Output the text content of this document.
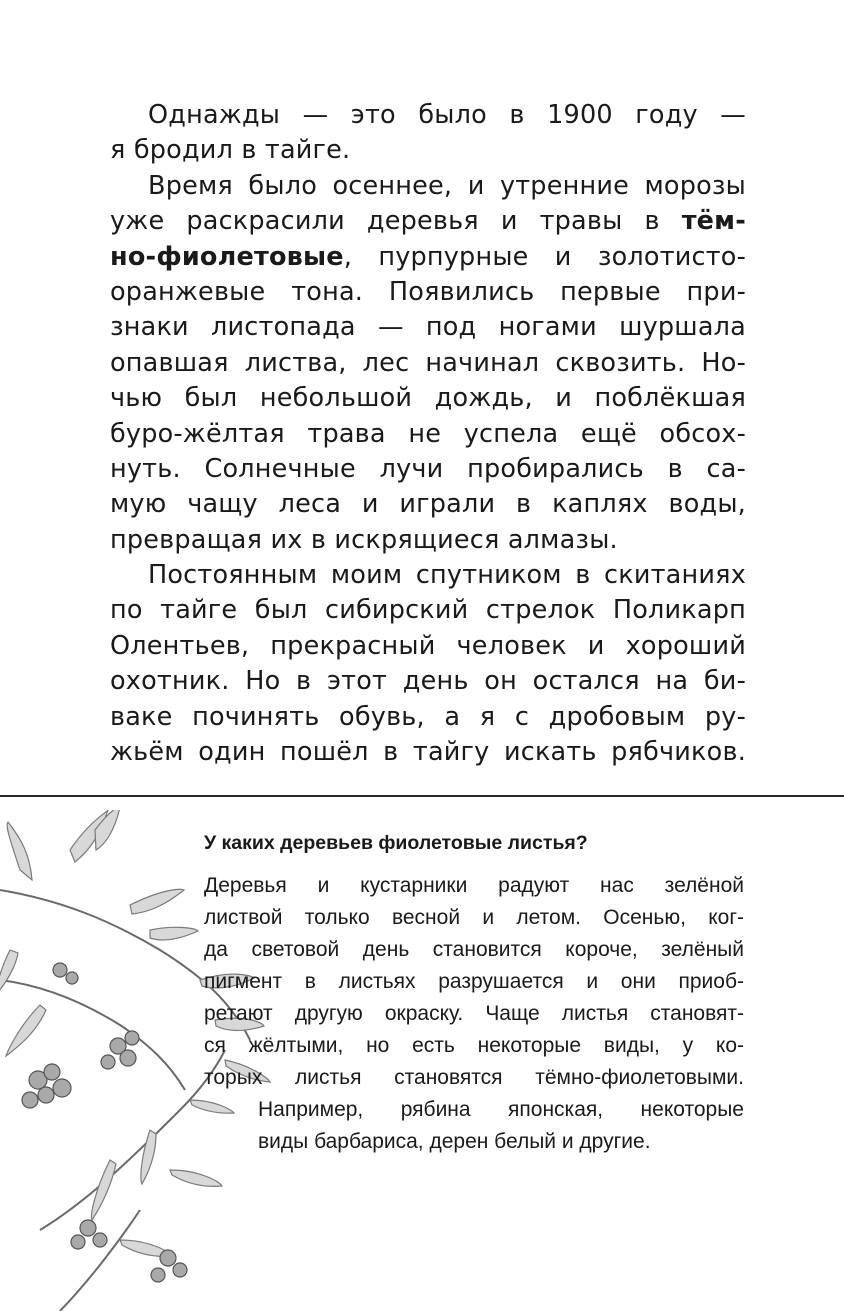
Однажды — это было в 1900 году —
я бродил в тайге.
Время было осеннее, и утренние морозы
уже раскрасили деревья и травы в тём-
но-фиолетовые, пурпурные и золотисто-
оранжевые тона. Появились первые при-
знаки листопада — под ногами шуршала
опавшая листва, лес начинал сквозить. Но-
чью был небольшой дождь, и поблёкшая
буро-жёлтая трава не успела ещё обсох-
нуть. Солнечные лучи пробирались в са-
мую чащу леса и играли в каплях воды,
превращая их в искрящиеся алмазы.
Постоянным моим спутником в скитаниях
по тайге был сибирский стрелок Поликарп
Олентьев, прекрасный человек и хороший
охотник. Но в этот день он остался на би-
ваке починять обувь, а я с дробовым ру-
жьём один пошёл в тайгу искать рябчиков.
У каких деревьев фиолетовые листья?
Деревья и кустарники радуют нас зелёной
листвой только весной и летом. Осенью, ког-
да световой день становится короче, зелёный
пигмент в листьях разрушается и они приоб-
ретают другую окраску. Чаще листья становят-
ся жёлтыми, но есть некоторые виды, у ко-
торых листья становятся тёмно-фиолетовыми.
Например, рябина японская, некоторые
виды барбариса, дерен белый и другие.
